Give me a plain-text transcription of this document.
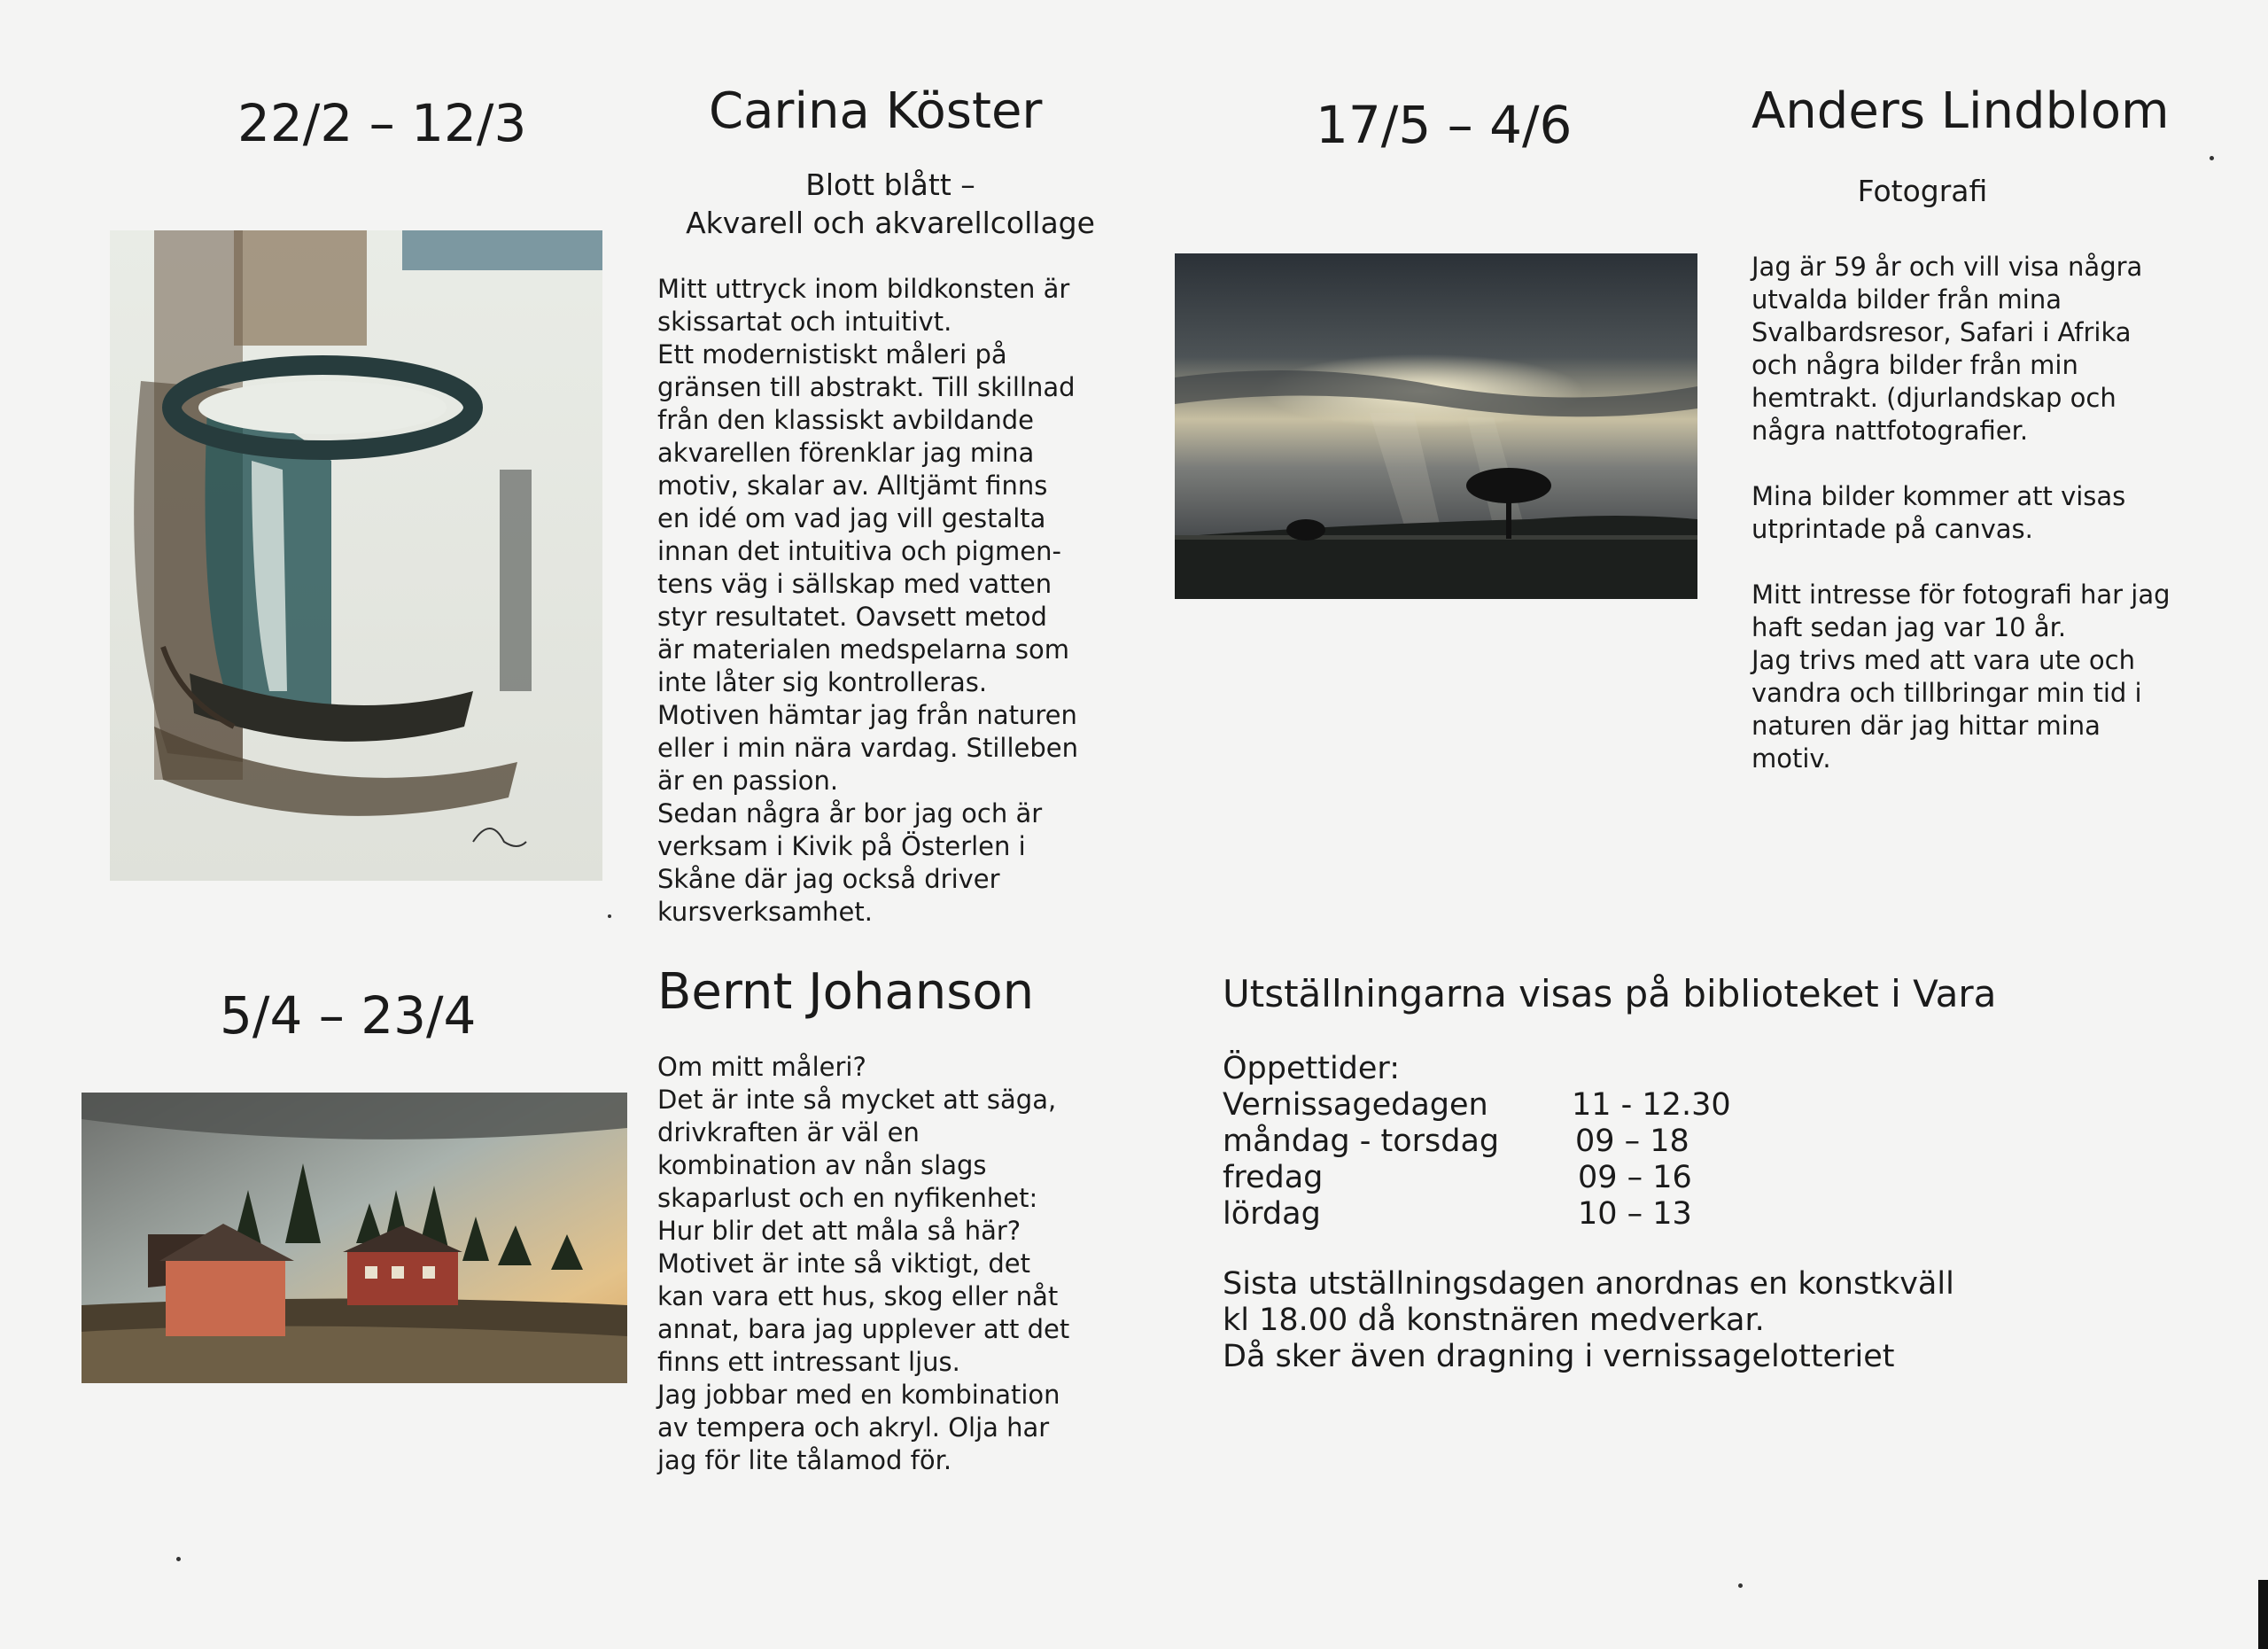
22/2 – 12/3	Carina Köster
Blott blått –
Akvarell och akvarellcollage
Mitt uttryck inom bildkonsten är
skissartat och intuitivt.
Ett modernistiskt måleri på
gränsen till abstrakt. Till skillnad
från den klassiskt avbildande
akvarellen förenklar jag mina
motiv, skalar av. Alltjämt finns
en idé om vad jag vill gestalta
innan det intuitiva och pigmen-
tens väg i sällskap med vatten
styr resultatet. Oavsett metod
är materialen medspelarna som
inte låter sig kontrolleras.
Motiven hämtar jag från naturen
eller i min nära vardag. Stilleben
är en passion.
Sedan några år bor jag och är
verksam i Kivik på Österlen i
Skåne där jag också driver
kursverksamhet.
17/5 – 4/6	Anders Lindblom
Fotografi

Jag är 59 år och vill visa några
utvalda bilder från mina
Svalbardsresor, Safari i Afrika
och några bilder från min
hemtrakt. (djurlandskap och
några nattfotografier.

Mina bilder kommer att visas
utprintade på canvas.

Mitt intresse för fotografi har jag
haft sedan jag var 10 år.
Jag trivs med att vara ute och
vandra och tillbringar min tid i
naturen där jag hittar mina
motiv.

5/4 – 23/4	Bernt Johanson
Om mitt måleri?
Det är inte så mycket att säga,
drivkraften är väl en
kombination av nån slags
skaparlust och en nyfikenhet:
Hur blir det att måla så här?
Motivet är inte så viktigt, det
kan vara ett hus, skog eller nåt
annat, bara jag upplever att det
finns ett intressant ljus.
Jag jobbar med en kombination
av tempera och akryl. Olja har
jag för lite tålamod för.
Utställningarna visas på biblioteket i Vara
Öppettider:
Vernissagedagen	11 - 12.30
måndag - torsdag	09 – 18
fredag	09 – 16
lördag	10 – 13
Sista utställningsdagen anordnas en konstkväll
kl 18.00 då konstnären medverkar.
Då sker även dragning i vernissagelotteriet
